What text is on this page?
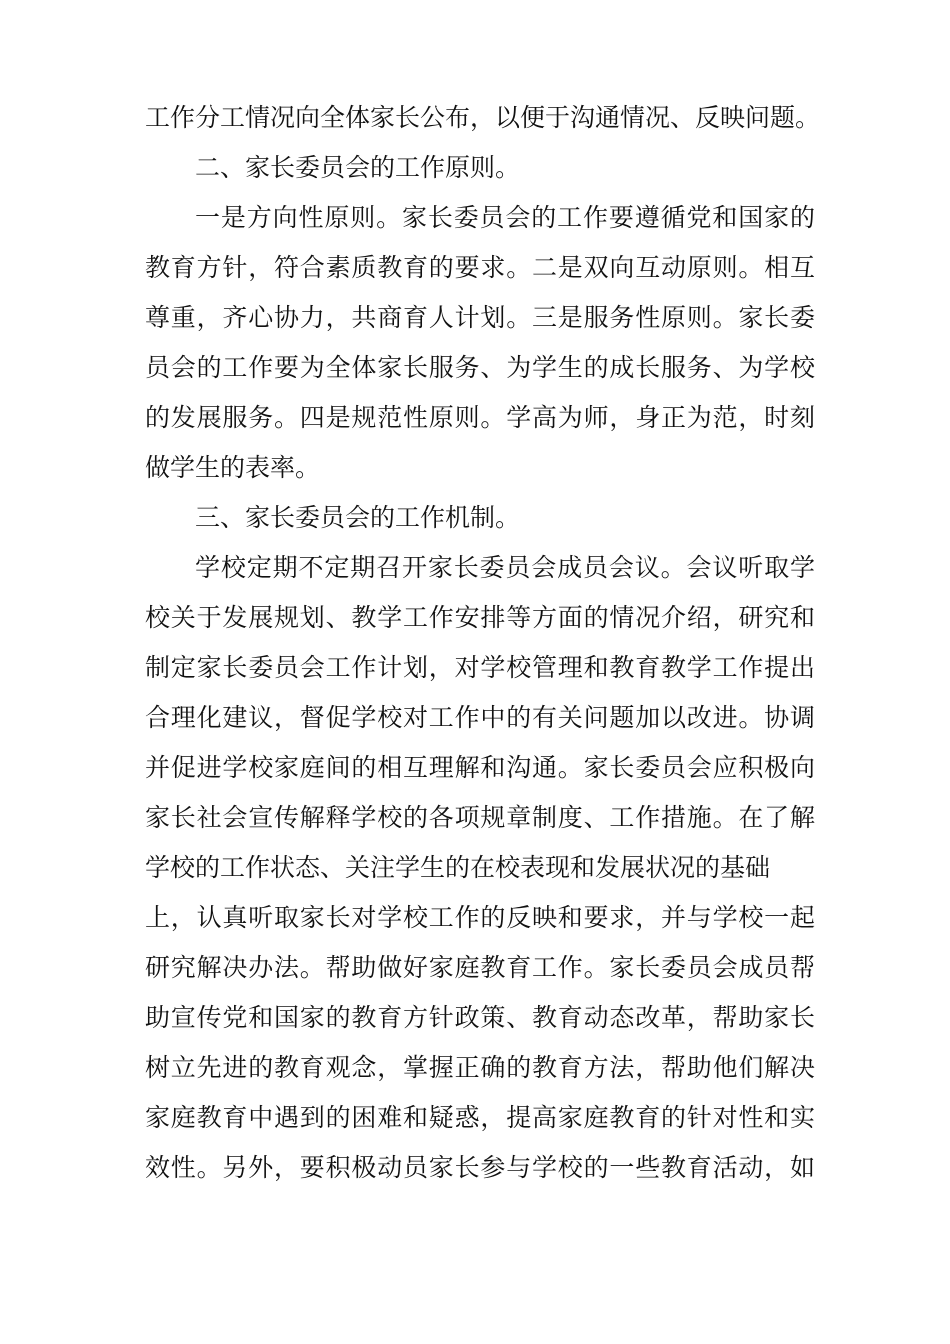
工作分工情况向全体家长公布，以便于沟通情况、反映问题。
二、家长委员会的工作原则。
一是方向性原则。家长委员会的工作要遵循党和国家的
教育方针，符合素质教育的要求。二是双向互动原则。相互
尊重，齐心协力，共商育人计划。三是服务性原则。家长委
员会的工作要为全体家长服务、为学生的成长服务、为学校
的发展服务。四是规范性原则。学高为师，身正为范，时刻
做学生的表率。
三、家长委员会的工作机制。
学校定期不定期召开家长委员会成员会议。会议听取学
校关于发展规划、教学工作安排等方面的情况介绍，研究和
制定家长委员会工作计划，对学校管理和教育教学工作提出
合理化建议，督促学校对工作中的有关问题加以改进。协调
并促进学校家庭间的相互理解和沟通。家长委员会应积极向
家长社会宣传解释学校的各项规章制度、工作措施。在了解
学校的工作状态、关注学生的在校表现和发展状况的基础
上，认真听取家长对学校工作的反映和要求，并与学校一起
研究解决办法。帮助做好家庭教育工作。家长委员会成员帮
助宣传党和国家的教育方针政策、教育动态改革，帮助家长
树立先进的教育观念，掌握正确的教育方法，帮助他们解决
家庭教育中遇到的困难和疑惑，提高家庭教育的针对性和实
效性。另外，要积极动员家长参与学校的一些教育活动，如
